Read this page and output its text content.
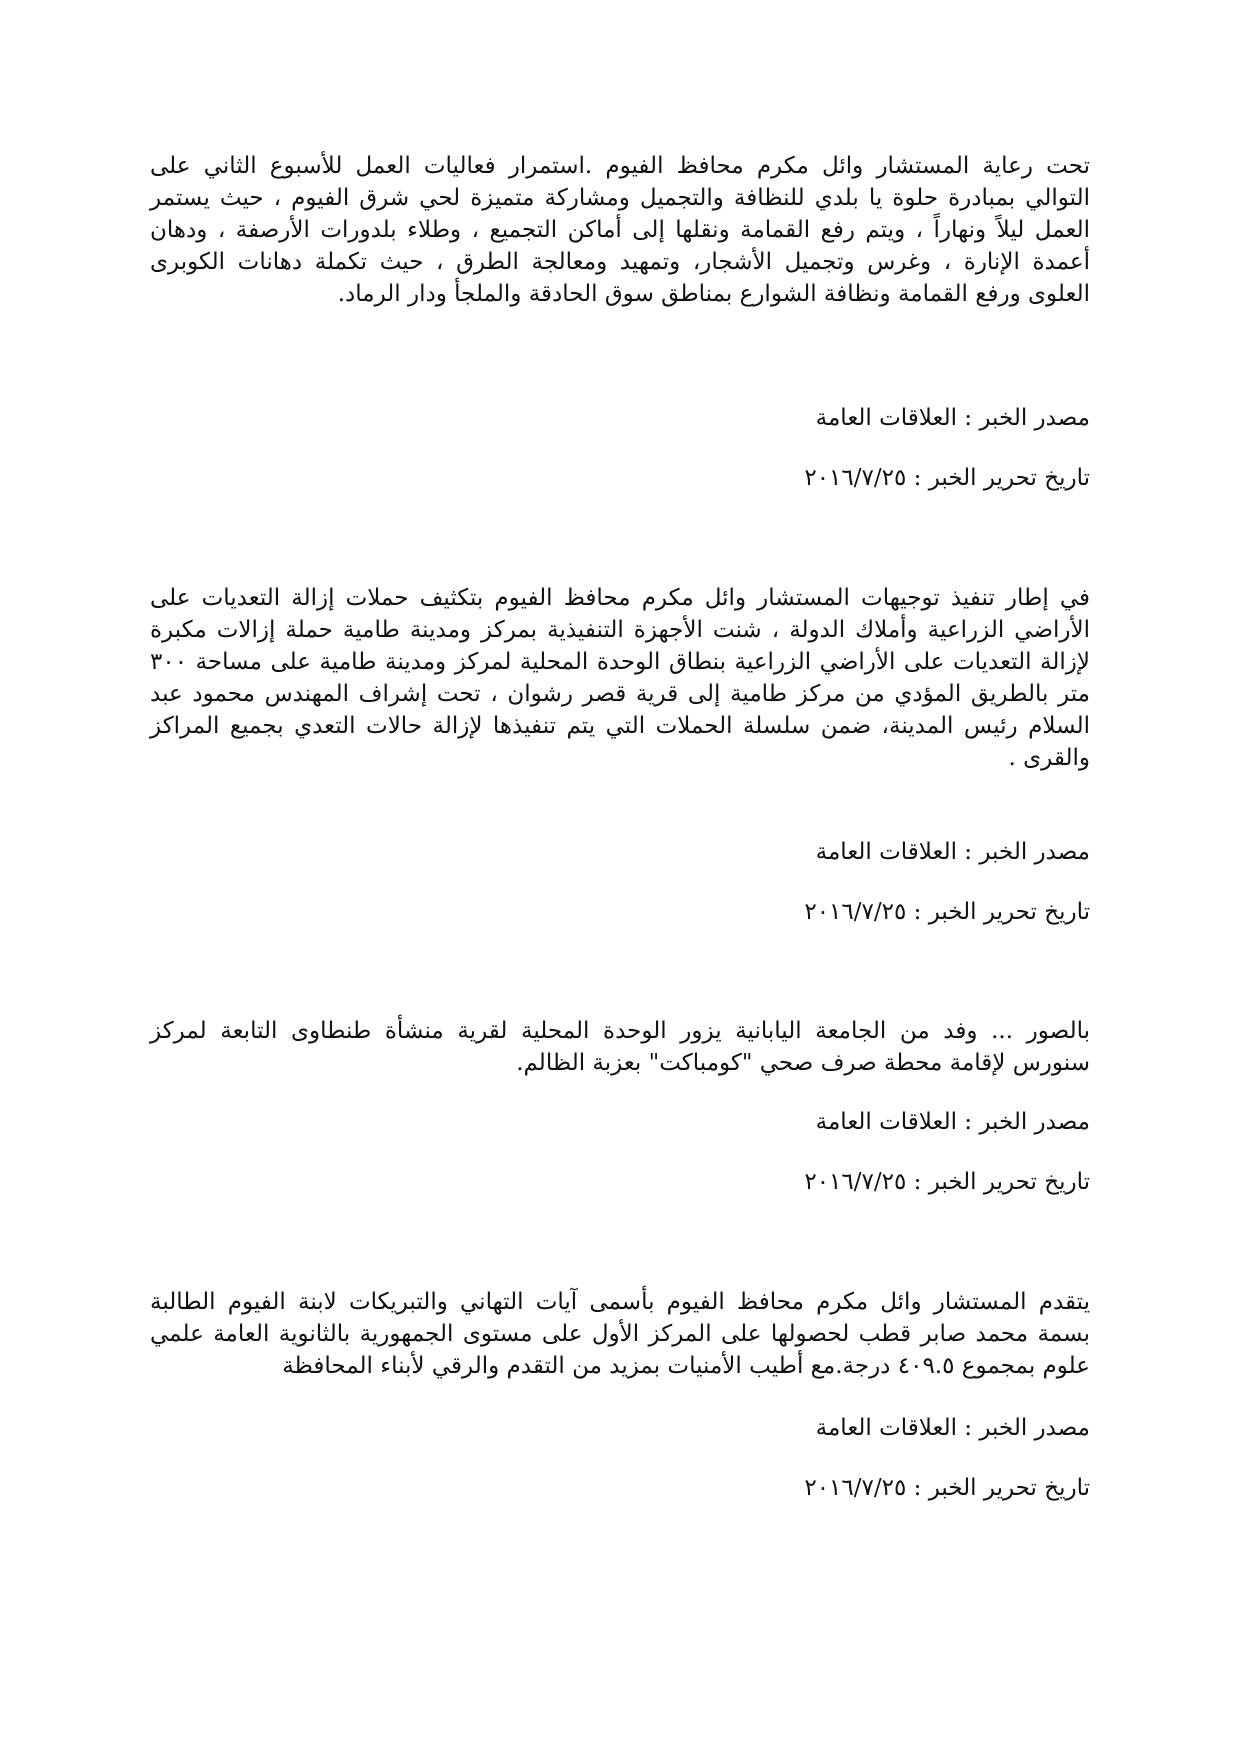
تحت رعاية المستشار وائل مكرم محافظ الفيوم .استمرار فعاليات العمل للأسبوع الثاني على التوالي بمبادرة حلوة يا بلدي للنظافة والتجميل ومشاركة متميزة لحي شرق الفيوم ، حيث يستمر العمل ليلاً ونهاراً ، ويتم رفع القمامة ونقلها إلى أماكن التجميع ، وطلاء بلدورات الأرصفة ، ودهان أعمدة الإنارة ، وغرس وتجميل الأشجار، وتمهيد ومعالجة الطرق ، حيث تكملة دهانات الكوبرى العلوى ورفع القمامة ونظافة الشوارع بمناطق سوق الحادقة والملجأ ودار الرماد.
مصدر الخبر : العلاقات العامة
تاريخ تحرير الخبر : ٢٠١٦/٧/٢٥
في إطار تنفيذ توجيهات المستشار وائل مكرم محافظ الفيوم بتكثيف حملات إزالة التعديات على الأراضي الزراعية وأملاك الدولة ، شنت الأجهزة التنفيذية بمركز ومدينة طامية حملة إزالات مكبرة لإزالة التعديات على الأراضي الزراعية بنطاق الوحدة المحلية لمركز ومدينة طامية على مساحة ٣٠٠ متر بالطريق المؤدي من مركز طامية إلى قرية قصر رشوان ، تحت إشراف المهندس محمود عبد السلام رئيس المدينة، ضمن سلسلة الحملات التي يتم تنفيذها لإزالة حالات التعدي بجميع المراكز والقرى .
مصدر الخبر : العلاقات العامة
تاريخ تحرير الخبر : ٢٠١٦/٧/٢٥
بالصور ... وفد من الجامعة اليابانية يزور الوحدة المحلية لقرية منشأة طنطاوى التابعة لمركز سنورس لإقامة محطة صرف صحي "كومباكت" بعزبة الظالم.
مصدر الخبر : العلاقات العامة
تاريخ تحرير الخبر : ٢٠١٦/٧/٢٥
يتقدم المستشار وائل مكرم محافظ الفيوم بأسمى آيات التهاني والتبريكات لابنة الفيوم الطالبة بسمة محمد صابر قطب لحصولها على المركز الأول على مستوى الجمهورية بالثانوية العامة علمي علوم بمجموع ٤٠٩.٥ درجة.مع أطيب الأمنيات بمزيد من التقدم والرقي لأبناء المحافظة
مصدر الخبر : العلاقات العامة
تاريخ تحرير الخبر : ٢٠١٦/٧/٢٥
